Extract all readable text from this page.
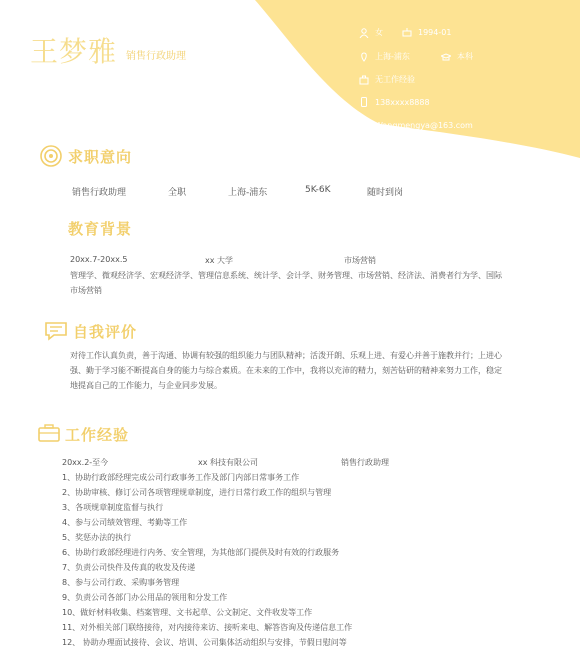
王梦雅 销售行政助理
女	1994-01
上海-浦东	本科
无工作经验
138xxxx8888
Wangmengya@163.com
求职意向
销售行政助理	全职	上海-浦东	5K-6K	随时到岗
教育背景
20xx.7-20xx.5	xx 大学	市场营销
管理学、微观经济学、宏观经济学、管理信息系统、统计学、会计学、财务管理、市场营销、经济法、消费者行为学、国际
市场营销
自我评价
对待工作认真负责，善于沟通、协调有较强的组织能力与团队精神；活泼开朗、乐观上进、有爱心并善于施教并行；上进心
强、勤于学习能不断提高自身的能力与综合素质。在未来的工作中，我将以充沛的精力，刻苦钻研的精神来努力工作，稳定
地提高自己的工作能力，与企业同步发展。
工作经验
20xx.2-至今	xx 科技有限公司	销售行政助理
1、协助行政部经理完成公司行政事务工作及部门内部日常事务工作
2、协助审核、修订公司各项管理规章制度，进行日常行政工作的组织与管理
3、各项规章制度监督与执行
4、参与公司绩效管理、考勤等工作
5、奖惩办法的执行
6、协助行政部经理进行内务、安全管理，为其他部门提供及时有效的行政服务
7、负责公司快件及传真的收发及传递
8、参与公司行政、采购事务管理
9、负责公司各部门办公用品的领用和分发工作
10、做好材料收集、档案管理、文书起草、公文制定、文件收发等工作
11、对外相关部门联络接待，对内接待来访、接听来电、解答咨询及传递信息工作
12、 协助办理面试接待、会议、培训、公司集体活动组织与安排，节假日慰问等
